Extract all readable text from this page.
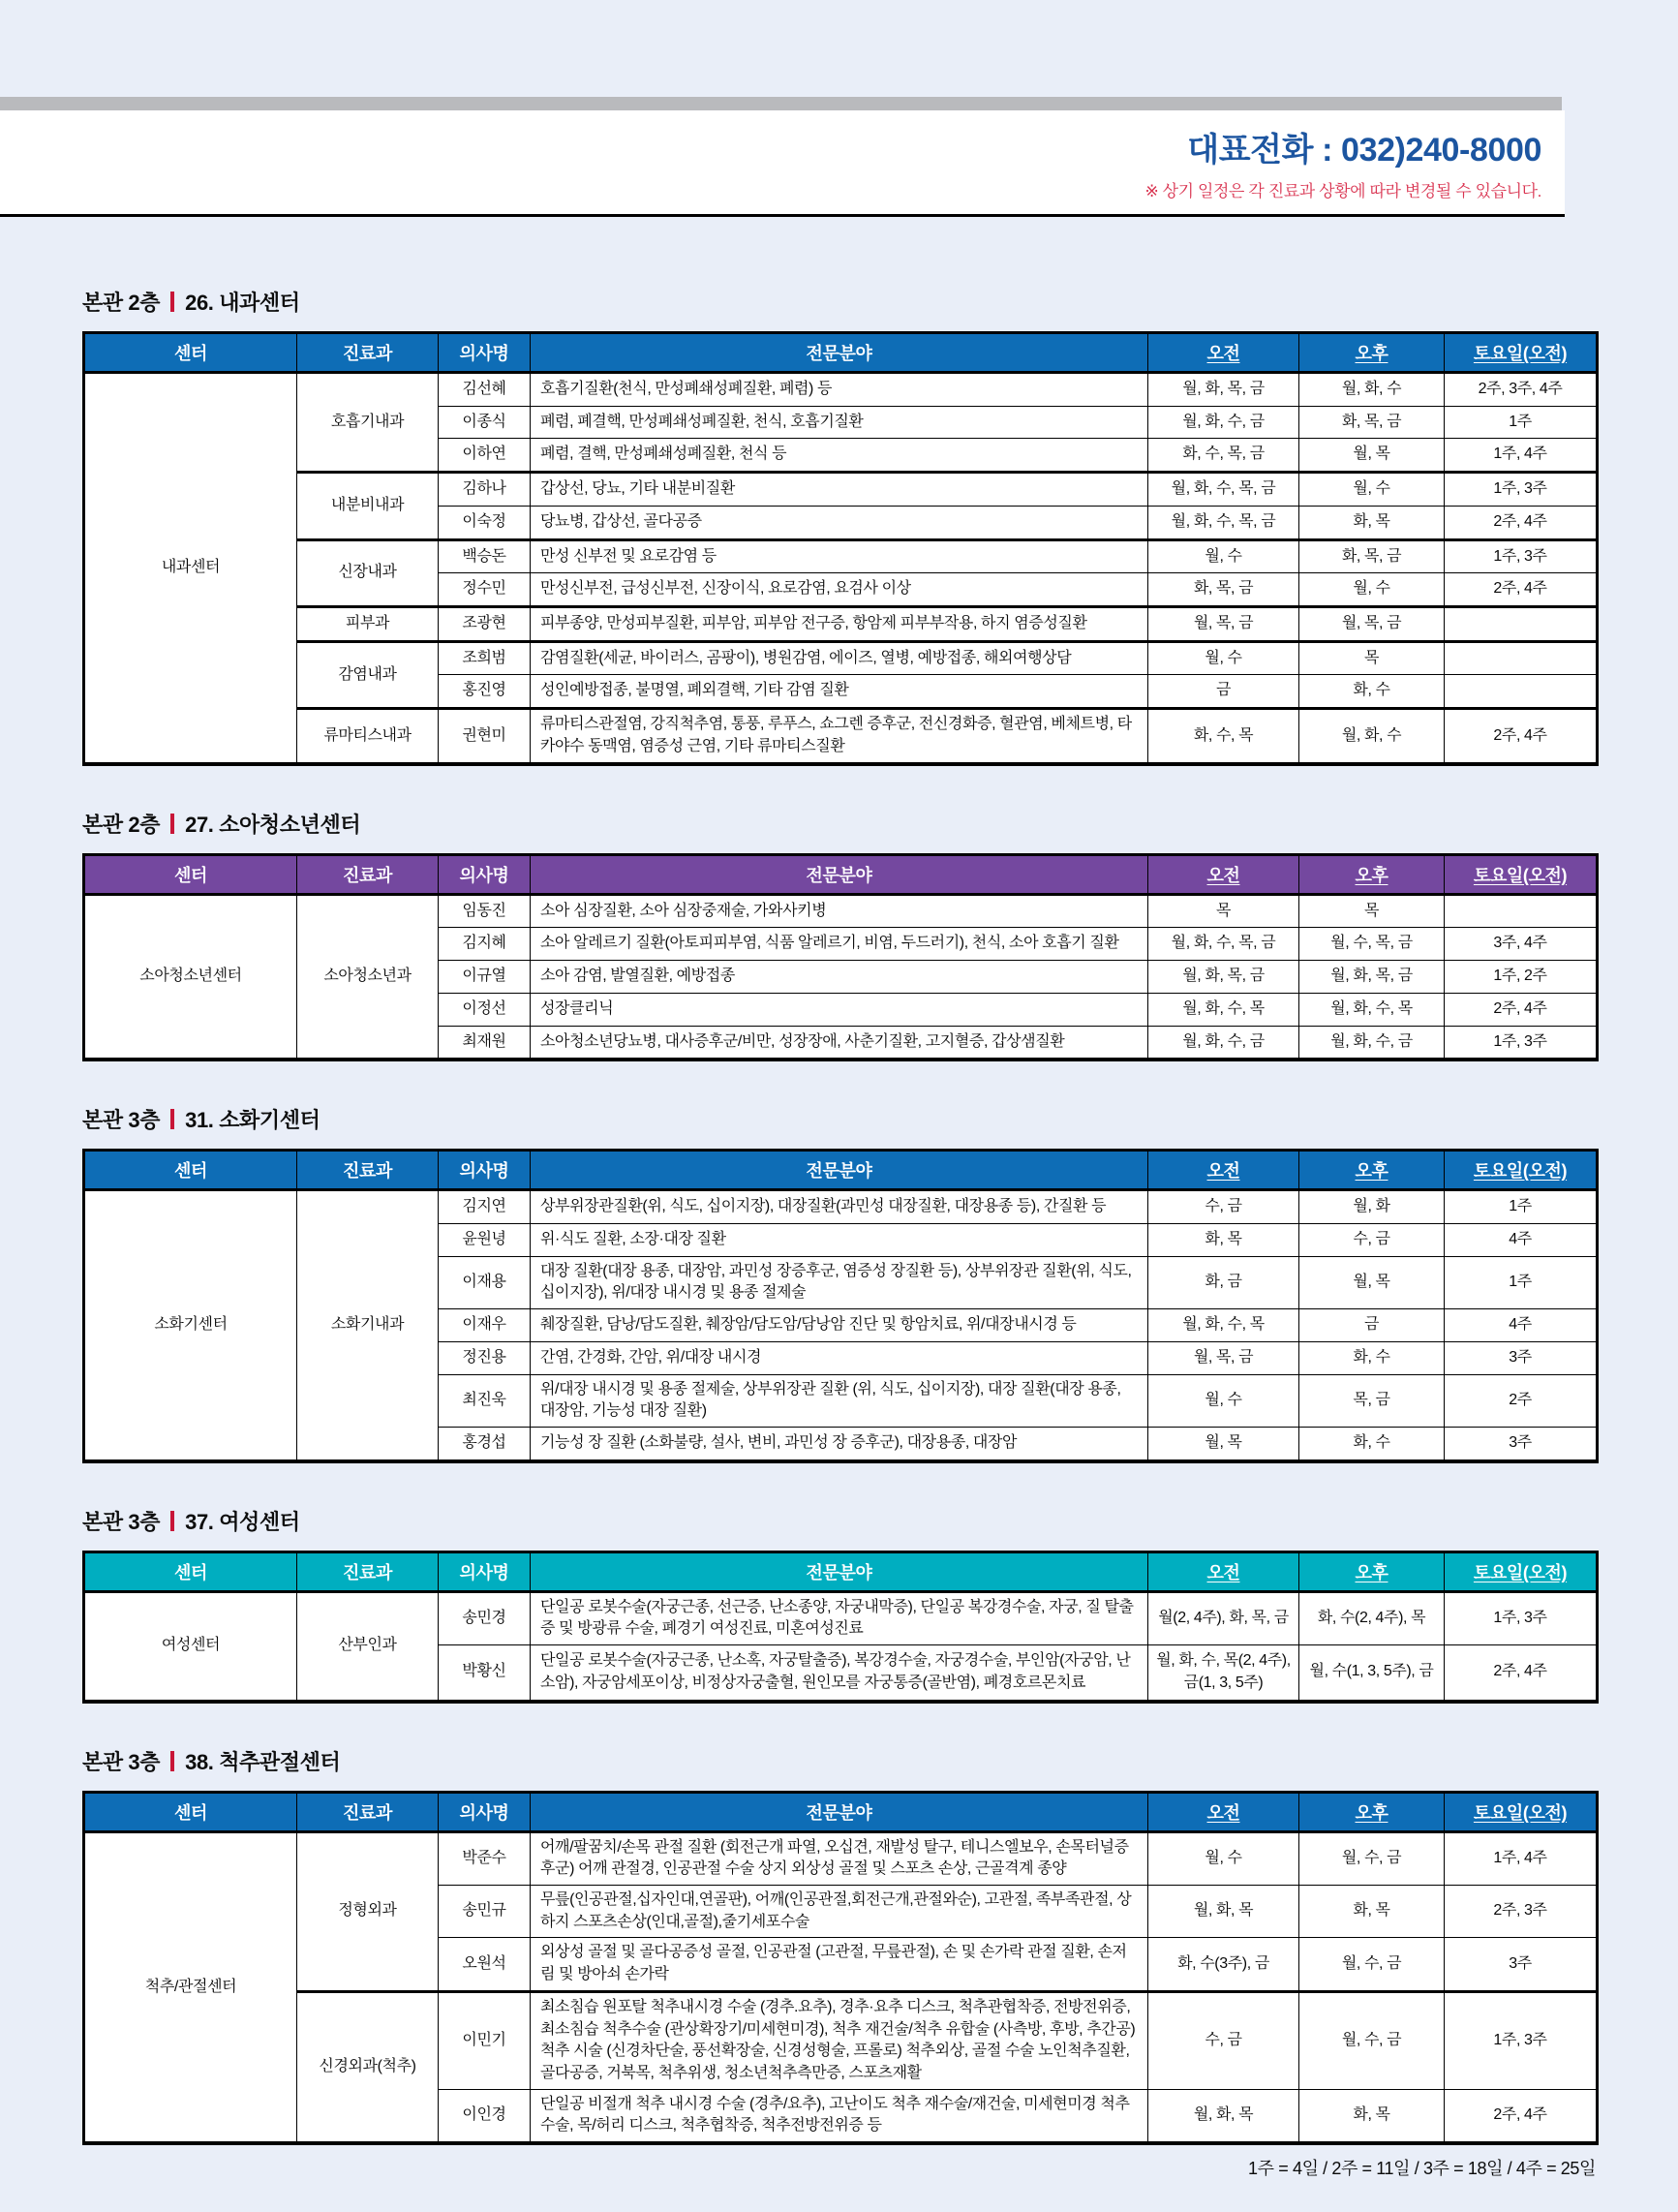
대표전화 : 032)240-8000
※ 상기 일정은 각 진료과 상황에 따라 변경될 수 있습니다.
본관 2층 26. 내과센터
센터	진료과	의사명	전문분야	오전	오후	토요일(오전)
내과센터	호흡기내과	김선혜	호흡기질환(천식, 만성폐쇄성폐질환, 폐렴) 등	월, 화, 목, 금	월, 화, 수	2주, 3주, 4주
		이종식	폐렴, 폐결핵, 만성폐쇄성폐질환, 천식, 호흡기질환	월, 화, 수, 금	화, 목, 금	1주
		이하연	폐렴, 결핵, 만성폐쇄성폐질환, 천식 등	화, 수, 목, 금	월, 목	1주, 4주
	내분비내과	김하나	갑상선, 당뇨, 기타 내분비질환	월, 화, 수, 목, 금	월, 수	1주, 3주
		이숙정	당뇨병, 갑상선, 골다공증	월, 화, 수, 목, 금	화, 목	2주, 4주
	신장내과	백승돈	만성 신부전 및 요로감염 등	월, 수	화, 목, 금	1주, 3주
		정수민	만성신부전, 급성신부전, 신장이식, 요로감염, 요검사 이상	화, 목, 금	월, 수	2주, 4주
	피부과	조광현	피부종양, 만성피부질환, 피부암, 피부암 전구증, 항암제 피부부작용, 하지 염증성질환	월, 목, 금	월, 목, 금	
	감염내과	조희범	감염질환(세균, 바이러스, 곰팡이), 병원감염, 에이즈, 열병, 예방접종, 해외여행상담	월, 수	목	
		홍진영	성인예방접종, 불명열, 폐외결핵, 기타 감염 질환	금	화, 수	
	류마티스내과	권현미	류마티스관절염, 강직척추염, 통풍, 루푸스, 쇼그렌 증후군, 전신경화증, 혈관염, 베체트병, 타카야수 동맥염, 염증성 근염, 기타 류마티스질환	화, 수, 목	월, 화, 수	2주, 4주
본관 2층 27. 소아청소년센터
센터	진료과	의사명	전문분야	오전	오후	토요일(오전)
소아청소년센터	소아청소년과	임동진	소아 심장질환, 소아 심장중재술, 가와사키병	목	목	
		김지혜	소아 알레르기 질환(아토피피부염, 식품 알레르기, 비염, 두드러기), 천식, 소아 호흡기 질환	월, 화, 수, 목, 금	월, 수, 목, 금	3주, 4주
		이규열	소아 감염, 발열질환, 예방접종	월, 화, 목, 금	월, 화, 목, 금	1주, 2주
		이정선	성장클리닉	월, 화, 수, 목	월, 화, 수, 목	2주, 4주
		최재원	소아청소년당뇨병, 대사증후군/비만, 성장장애, 사춘기질환, 고지혈증, 갑상샘질환	월, 화, 수, 금	월, 화, 수, 금	1주, 3주
본관 3층 31. 소화기센터
센터	진료과	의사명	전문분야	오전	오후	토요일(오전)
소화기센터	소화기내과	김지연	상부위장관질환(위, 식도, 십이지장), 대장질환(과민성 대장질환, 대장용종 등), 간질환 등	수, 금	월, 화	1주
		윤원녕	위·식도 질환, 소장·대장 질환	화, 목	수, 금	4주
		이재용	대장 질환(대장 용종, 대장암, 과민성 장증후군, 염증성 장질환 등), 상부위장관 질환(위, 식도, 십이지장), 위/대장 내시경 및 용종 절제술	화, 금	월, 목	1주
		이재우	췌장질환, 담낭/담도질환, 췌장암/담도암/담낭암 진단 및 항암치료, 위/대장내시경 등	월, 화, 수, 목	금	4주
		정진용	간염, 간경화, 간암, 위/대장 내시경	월, 목, 금	화, 수	3주
		최진욱	위/대장 내시경 및 용종 절제술, 상부위장관 질환 (위, 식도, 십이지장), 대장 질환(대장 용종, 대장암, 기능성 대장 질환)	월, 수	목, 금	2주
		홍경섭	기능성 장 질환 (소화불량, 설사, 변비, 과민성 장 증후군), 대장용종, 대장암	월, 목	화, 수	3주
본관 3층 37. 여성센터
센터	진료과	의사명	전문분야	오전	오후	토요일(오전)
여성센터	산부인과	송민경	단일공 로봇수술(자궁근종, 선근증, 난소종양, 자궁내막증), 단일공 복강경수술, 자궁, 질 탈출증 및 방광류 수술, 폐경기 여성진료, 미혼여성진료	월(2, 4주), 화, 목, 금	화, 수(2, 4주), 목	1주, 3주
		박황신	단일공 로봇수술(자궁근종, 난소혹, 자궁탈출증), 복강경수술, 자궁경수술, 부인암(자궁암, 난소암), 자궁암세포이상, 비정상자궁출혈, 원인모를 자궁통증(골반염), 폐경호르몬치료	월, 화, 수, 목(2, 4주), 금(1, 3, 5주)	월, 수(1, 3, 5주), 금	2주, 4주
본관 3층 38. 척추관절센터
센터	진료과	의사명	전문분야	오전	오후	토요일(오전)
척추/관절센터	정형외과	박준수	어깨/팔꿈치/손목 관절 질환 (회전근개 파열, 오십견, 재발성 탈구, 테니스엘보우, 손목터널증후군) 어깨 관절경, 인공관절 수술 상지 외상성 골절 및 스포츠 손상, 근골격계 종양	월, 수	월, 수, 금	1주, 4주
		송민규	무릎(인공관절,십자인대,연골판), 어깨(인공관절,회전근개,관절와순), 고관절, 족부족관절, 상하지 스포츠손상(인대,골절),줄기세포수술	월, 화, 목	화, 목	2주, 3주
		오원석	외상성 골절 및 골다공증성 골절, 인공관절 (고관절, 무릎관절), 손 및 손가락 관절 질환, 손저림 및 방아쇠 손가락	화, 수(3주), 금	월, 수, 금	3주
	신경외과(척추)	이민기	최소침습 원포탈 척추내시경 수술 (경추.요추), 경추·요추 디스크, 척추관협착증, 전방전위증, 최소침습 척추수술 (관상확장기/미세현미경), 척추 재건술/척추 유합술 (사측방, 후방, 추간공) 척추 시술 (신경차단술, 풍선확장술, 신경성형술, 프롤로) 척추외상, 골절 수술 노인척추질환, 골다공증, 거북목, 척추위생, 청소년척추측만증, 스포츠재활	수, 금	월, 수, 금	1주, 3주
		이인경	단일공 비절개 척추 내시경 수술 (경추/요추), 고난이도 척추 재수술/재건술, 미세현미경 척추수술, 목/허리 디스크, 척추협착증, 척추전방전위증 등	월, 화, 목	화, 목	2주, 4주
1주 = 4일 / 2주 = 11일 / 3주 = 18일 / 4주 = 25일
